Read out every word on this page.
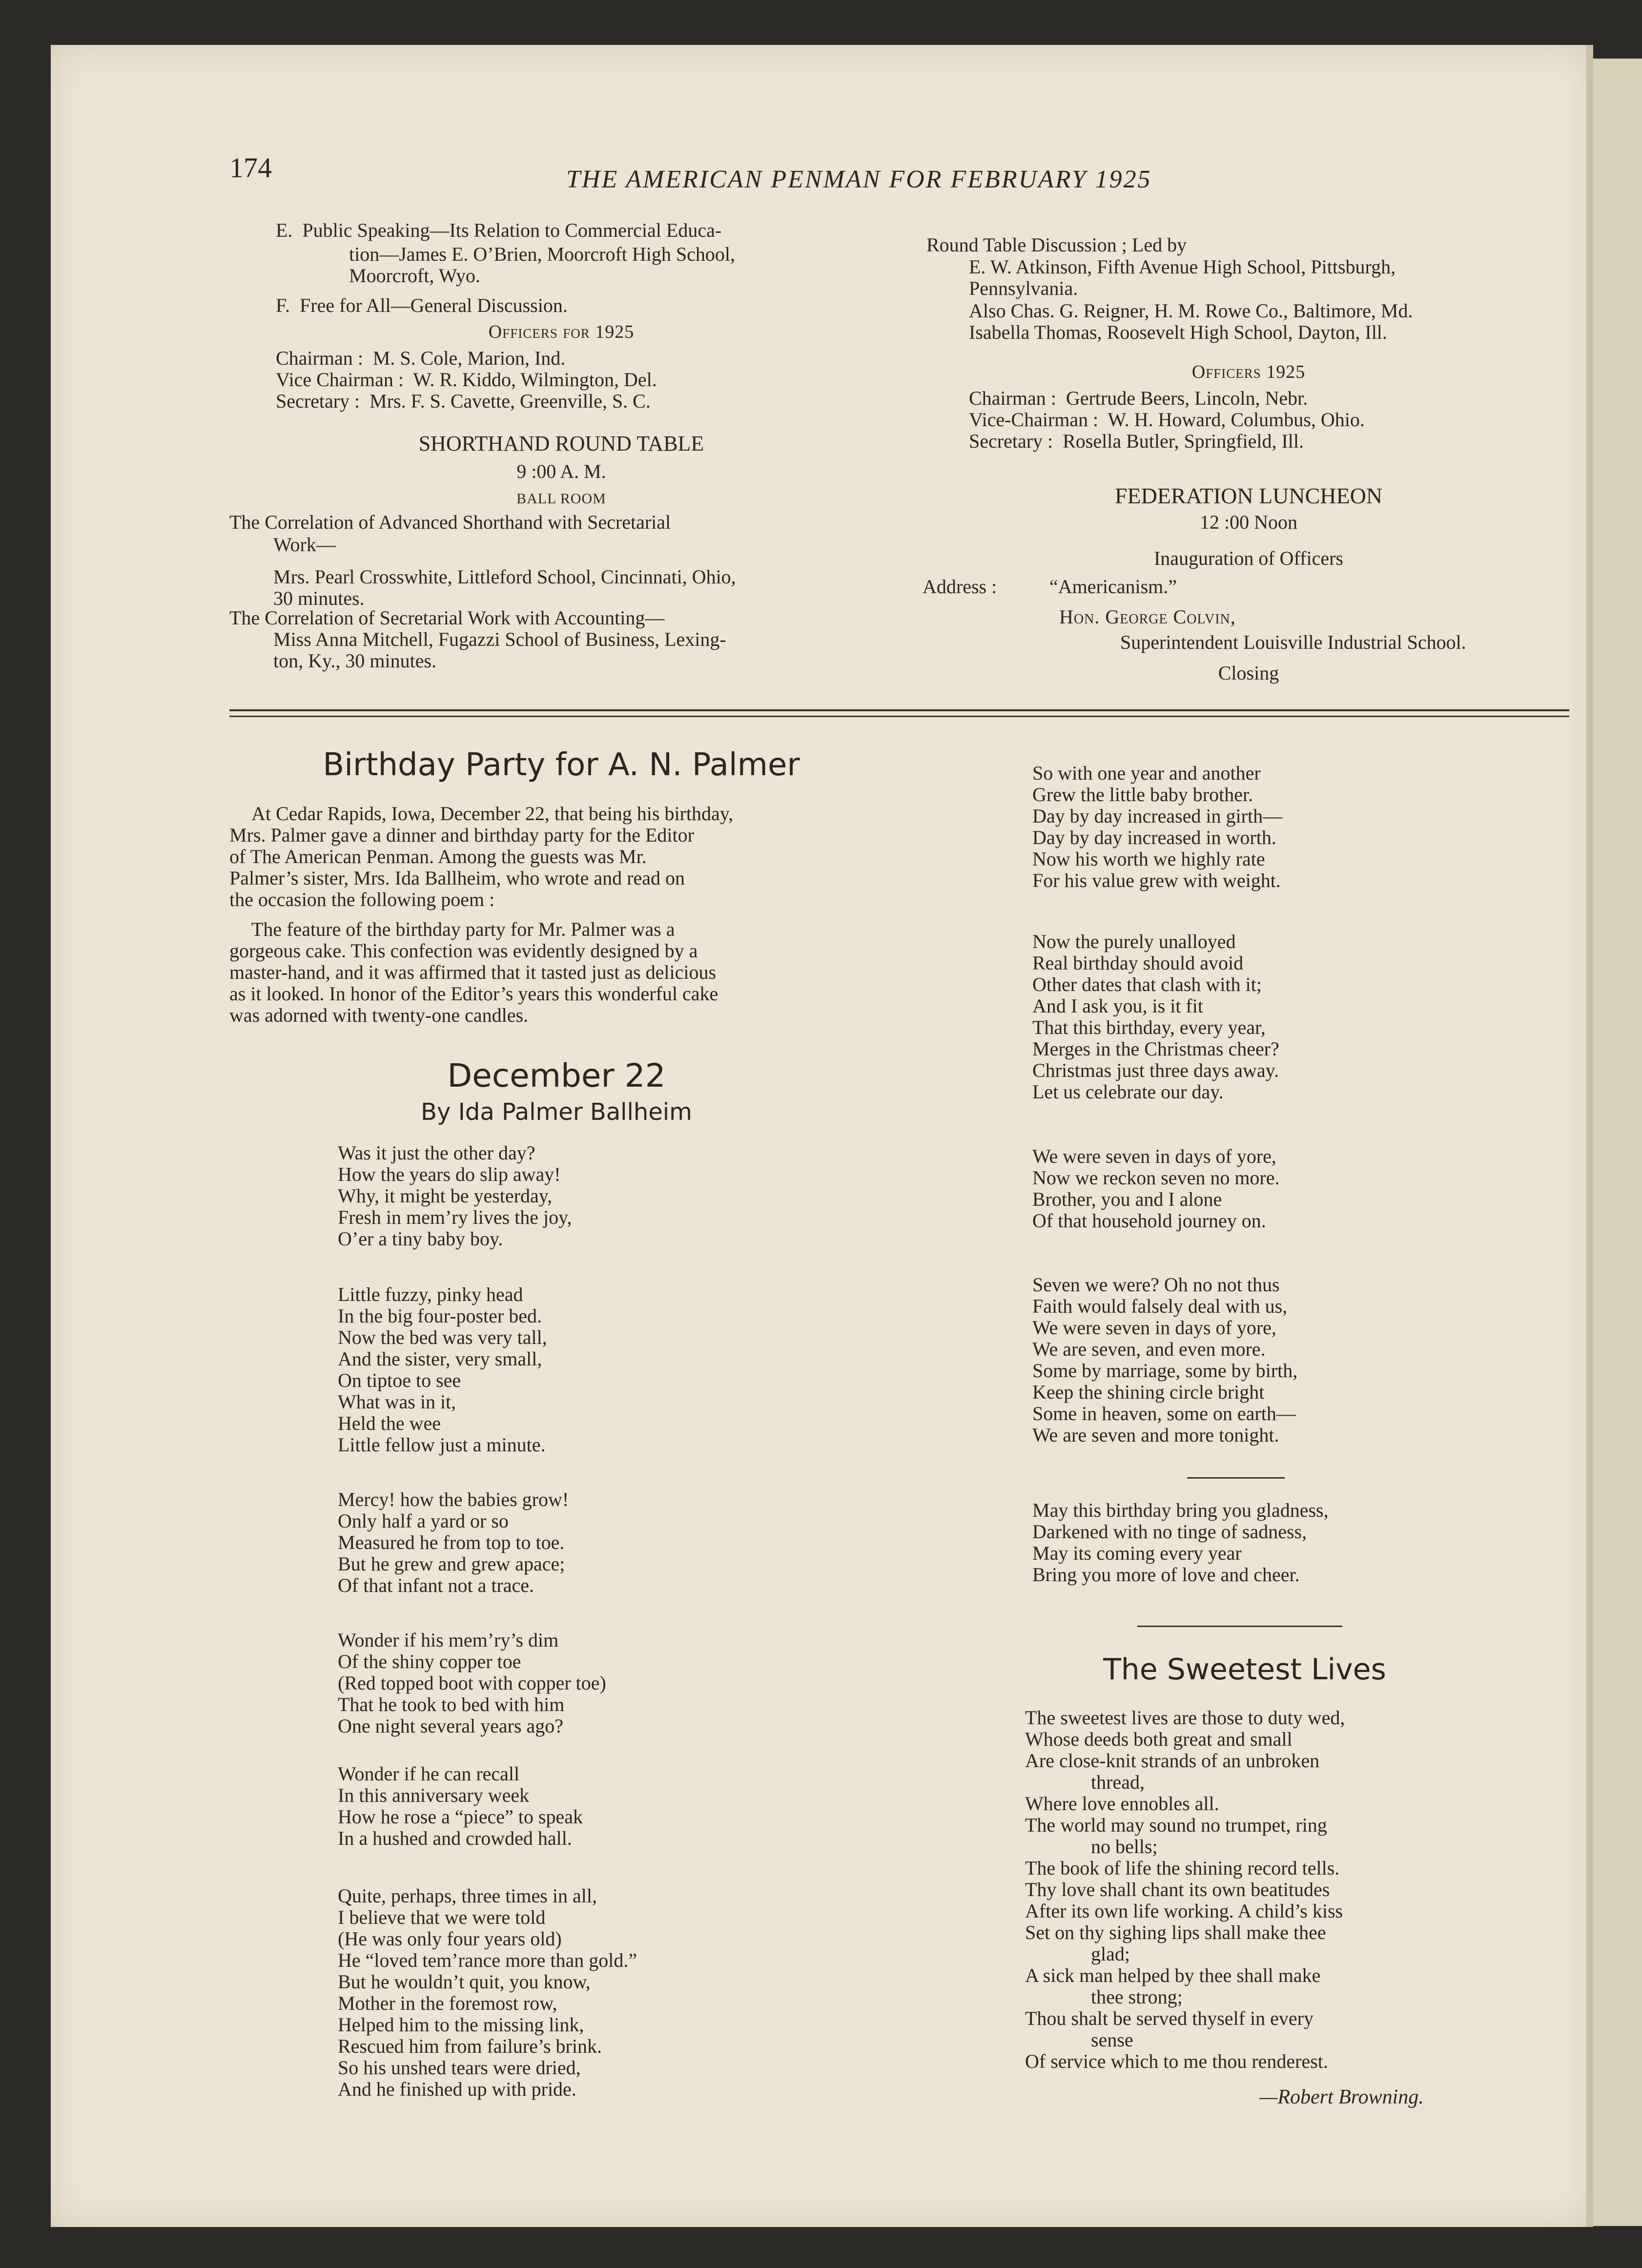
174	THE AMERICAN PENMAN FOR FEBRUARY 1925
Birthday Party for A. N. Palmer
December 22
By Ida Palmer Ballheim
The Sweetest Lives
—Robert Browning.
E.  Public Speaking—Its Relation to Commercial Educa-
tion—James E. O’Brien, Moorcroft High School,
Moorcroft, Wyo.
F.  Free for All—General Discussion.
Officers for 1925
Chairman :  M. S. Cole, Marion, Ind.
Vice Chairman :  W. R. Kiddo, Wilmington, Del.
Secretary :  Mrs. F. S. Cavette, Greenville, S. C.
SHORTHAND ROUND TABLE
9 :00 A. M.
BALL ROOM
The Correlation of Advanced Shorthand with Secretarial
Work—
Mrs. Pearl Crosswhite, Littleford School, Cincinnati, Ohio,
30 minutes.
The Correlation of Secretarial Work with Accounting—
Miss Anna Mitchell, Fugazzi School of Business, Lexing-
ton, Ky., 30 minutes.
Round Table Discussion ; Led by
E. W. Atkinson, Fifth Avenue High School, Pittsburgh,
Pennsylvania.
Also Chas. G. Reigner, H. M. Rowe Co., Baltimore, Md.
Isabella Thomas, Roosevelt High School, Dayton, Ill.
Officers 1925
Chairman :  Gertrude Beers, Lincoln, Nebr.
Vice-Chairman :  W. H. Howard, Columbus, Ohio.
Secretary :  Rosella Butler, Springfield, Ill.
FEDERATION LUNCHEON
12 :00 Noon
Inauguration of Officers
Address :	“Americanism.”
Hon. George Colvin,
Superintendent Louisville Industrial School.
Closing
At Cedar Rapids, Iowa, December 22, that being his birthday,
Mrs. Palmer gave a dinner and birthday party for the Editor
of The American Penman. Among the guests was Mr.
Palmer’s sister, Mrs. Ida Ballheim, who wrote and read on
the occasion the following poem :
The feature of the birthday party for Mr. Palmer was a
gorgeous cake. This confection was evidently designed by a
master-hand, and it was affirmed that it tasted just as delicious
as it looked. In honor of the Editor’s years this wonderful cake
was adorned with twenty-one candles.
Was it just the other day?
How the years do slip away!
Why, it might be yesterday,
Fresh in mem’ry lives the joy,
O’er a tiny baby boy.
Little fuzzy, pinky head
In the big four-poster bed.
Now the bed was very tall,
And the sister, very small,
On tiptoe to see
What was in it,
Held the wee
Little fellow just a minute.
Mercy! how the babies grow!
Only half a yard or so
Measured he from top to toe.
But he grew and grew apace;
Of that infant not a trace.
Wonder if his mem’ry’s dim
Of the shiny copper toe
(Red topped boot with copper toe)
That he took to bed with him
One night several years ago?
Wonder if he can recall
In this anniversary week
How he rose a “piece” to speak
In a hushed and crowded hall.
Quite, perhaps, three times in all,
I believe that we were told
(He was only four years old)
He “loved tem’rance more than gold.”
But he wouldn’t quit, you know,
Mother in the foremost row,
Helped him to the missing link,
Rescued him from failure’s brink.
So his unshed tears were dried,
And he finished up with pride.
So with one year and another
Grew the little baby brother.
Day by day increased in girth—
Day by day increased in worth.
Now his worth we highly rate
For his value grew with weight.
Now the purely unalloyed
Real birthday should avoid
Other dates that clash with it;
And I ask you, is it fit
That this birthday, every year,
Merges in the Christmas cheer?
Christmas just three days away.
Let us celebrate our day.
We were seven in days of yore,
Now we reckon seven no more.
Brother, you and I alone
Of that household journey on.
Seven we were? Oh no not thus
Faith would falsely deal with us,
We were seven in days of yore,
We are seven, and even more.
Some by marriage, some by birth,
Keep the shining circle bright
Some in heaven, some on earth—
We are seven and more tonight.
May this birthday bring you gladness,
Darkened with no tinge of sadness,
May its coming every year
Bring you more of love and cheer.
The sweetest lives are those to duty wed,
Whose deeds both great and small
Are close-knit strands of an unbroken
thread,
Where love ennobles all.
The world may sound no trumpet, ring
no bells;
The book of life the shining record tells.
Thy love shall chant its own beatitudes
After its own life working. A child’s kiss
Set on thy sighing lips shall make thee
glad;
A sick man helped by thee shall make
thee strong;
Thou shalt be served thyself in every
sense
Of service which to me thou renderest.
